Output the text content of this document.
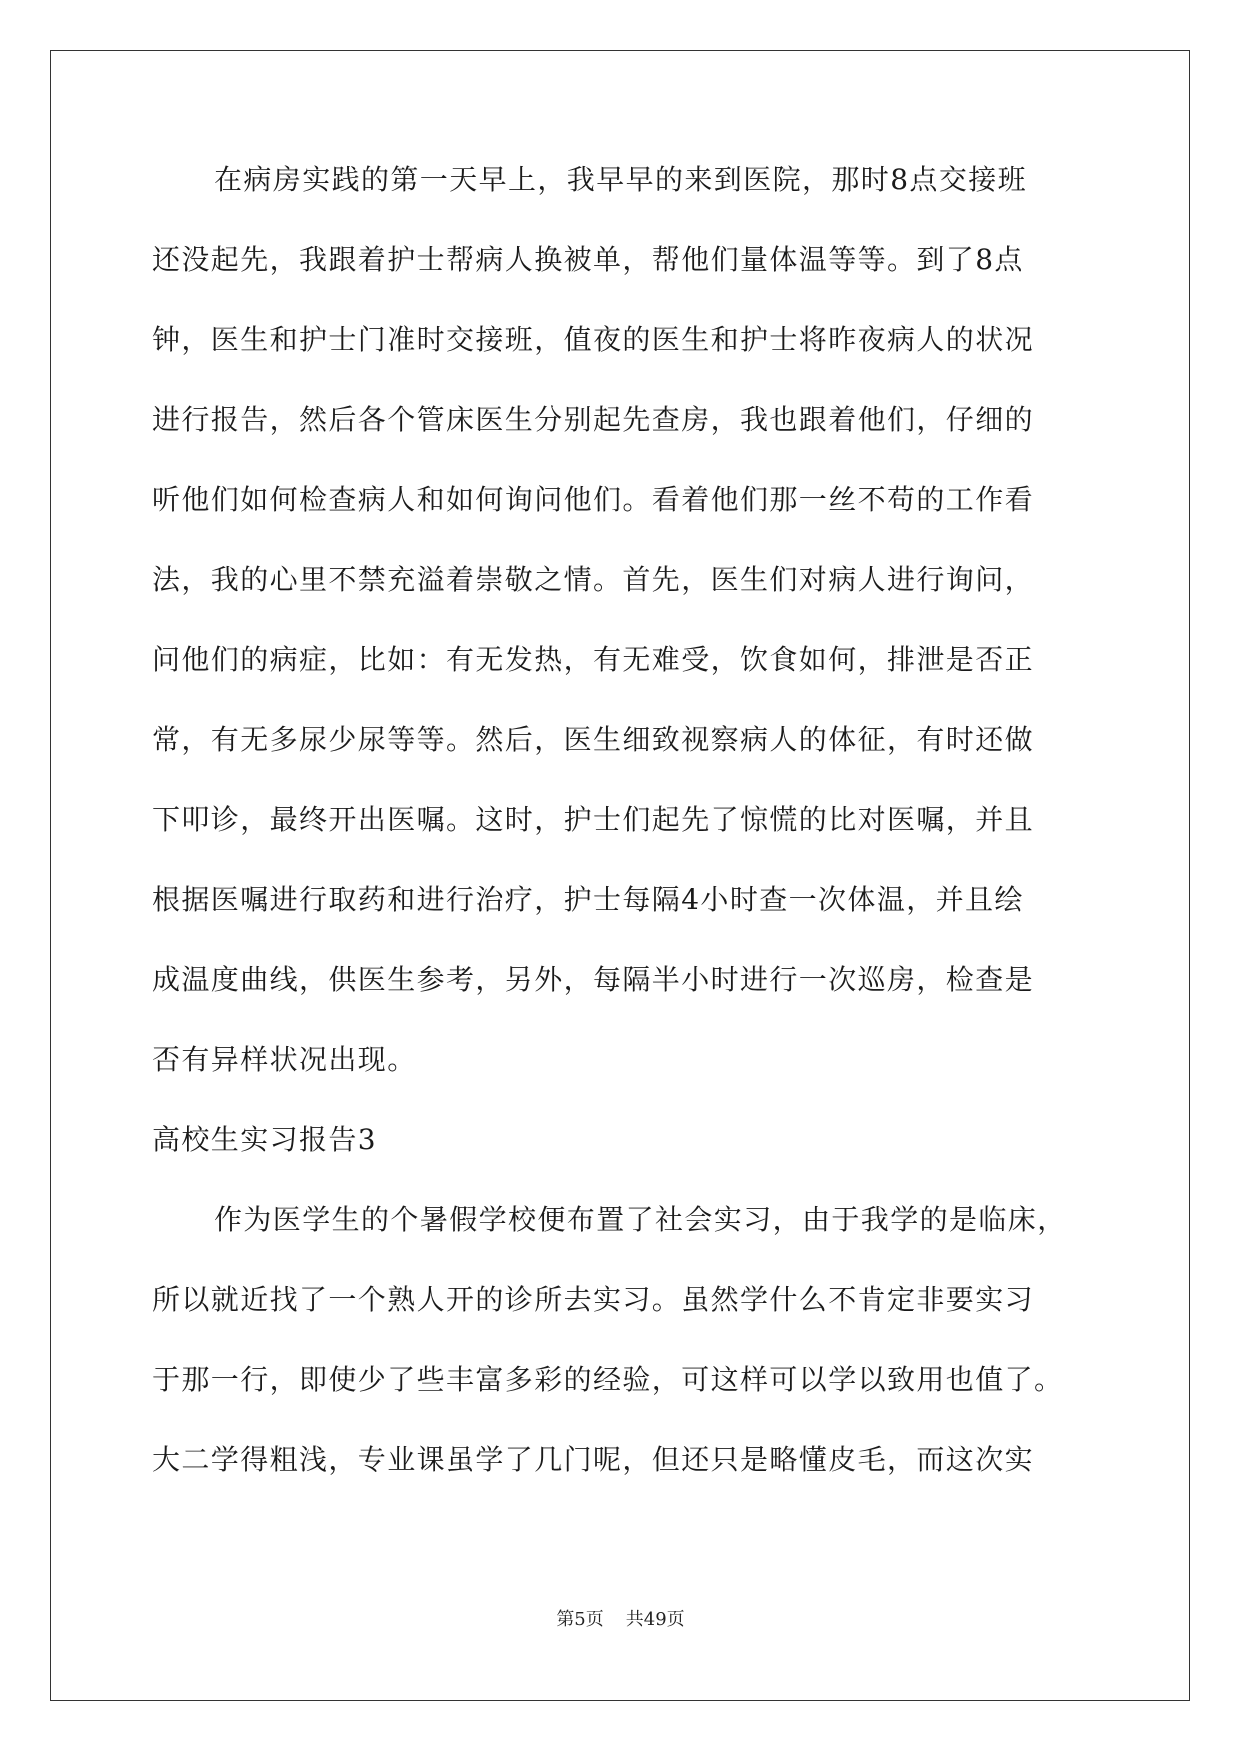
在病房实践的第一天早上，我早早的来到医院，那时8点交接班
还没起先，我跟着护士帮病人换被单，帮他们量体温等等。到了8点
钟，医生和护士门准时交接班，值夜的医生和护士将昨夜病人的状况
进行报告，然后各个管床医生分别起先查房，我也跟着他们，仔细的
听他们如何检查病人和如何询问他们。看着他们那一丝不苟的工作看
法，我的心里不禁充溢着崇敬之情。首先，医生们对病人进行询问，
问他们的病症，比如：有无发热，有无难受，饮食如何，排泄是否正
常，有无多尿少尿等等。然后，医生细致视察病人的体征，有时还做
下叩诊，最终开出医嘱。这时，护士们起先了惊慌的比对医嘱，并且
根据医嘱进行取药和进行治疗，护士每隔4小时查一次体温，并且绘
成温度曲线，供医生参考，另外，每隔半小时进行一次巡房，检查是
否有异样状况出现。
高校生实习报告3
作为医学生的个暑假学校便布置了社会实习，由于我学的是临床，
所以就近找了一个熟人开的诊所去实习。虽然学什么不肯定非要实习
于那一行，即使少了些丰富多彩的经验，可这样可以学以致用也值了。
大二学得粗浅，专业课虽学了几门呢，但还只是略懂皮毛，而这次实
第5页 共49页
